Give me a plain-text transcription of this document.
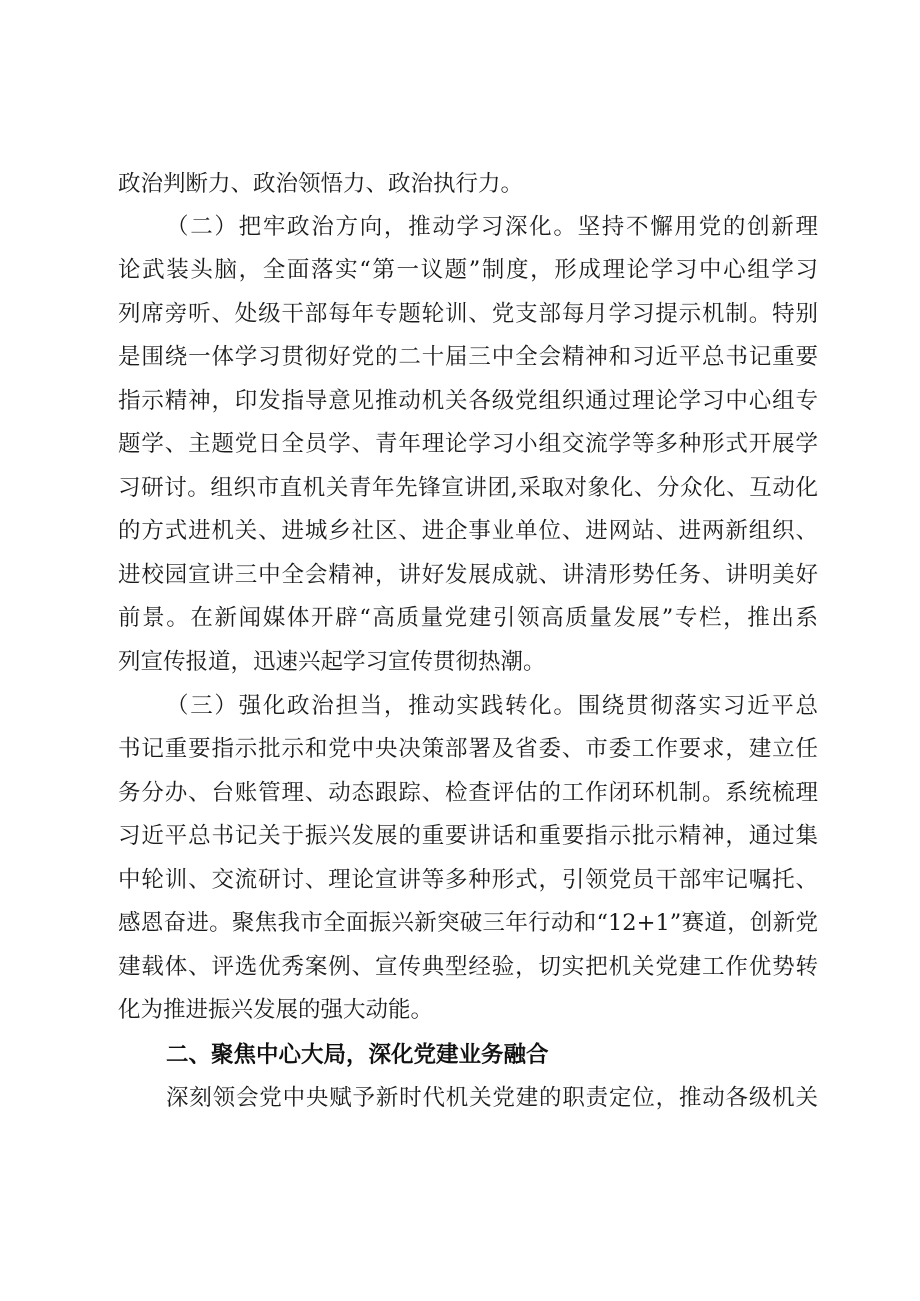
政治判断力、政治领悟力、政治执行力。
（二）把牢政治方向，推动学习深化。坚持不懈用党的创新理
论武装头脑，全面落实“第一议题”制度，形成理论学习中心组学习
列席旁听、处级干部每年专题轮训、党支部每月学习提示机制。特别
是围绕一体学习贯彻好党的二十届三中全会精神和习近平总书记重要
指示精神，印发指导意见推动机关各级党组织通过理论学习中心组专
题学、主题党日全员学、青年理论学习小组交流学等多种形式开展学
习研讨。组织市直机关青年先锋宣讲团,采取对象化、分众化、互动化
的方式进机关、进城乡社区、进企事业单位、进网站、进两新组织、
进校园宣讲三中全会精神，讲好发展成就、讲清形势任务、讲明美好
前景。在新闻媒体开辟“高质量党建引领高质量发展”专栏，推出系
列宣传报道，迅速兴起学习宣传贯彻热潮。
（三）强化政治担当，推动实践转化。围绕贯彻落实习近平总
书记重要指示批示和党中央决策部署及省委、市委工作要求，建立任
务分办、台账管理、动态跟踪、检查评估的工作闭环机制。系统梳理
习近平总书记关于振兴发展的重要讲话和重要指示批示精神，通过集
中轮训、交流研讨、理论宣讲等多种形式，引领党员干部牢记嘱托、
感恩奋进。聚焦我市全面振兴新突破三年行动和“12+1”赛道，创新党
建载体、评选优秀案例、宣传典型经验，切实把机关党建工作优势转
化为推进振兴发展的强大动能。
二、聚焦中心大局，深化党建业务融合
深刻领会党中央赋予新时代机关党建的职责定位，推动各级机关
